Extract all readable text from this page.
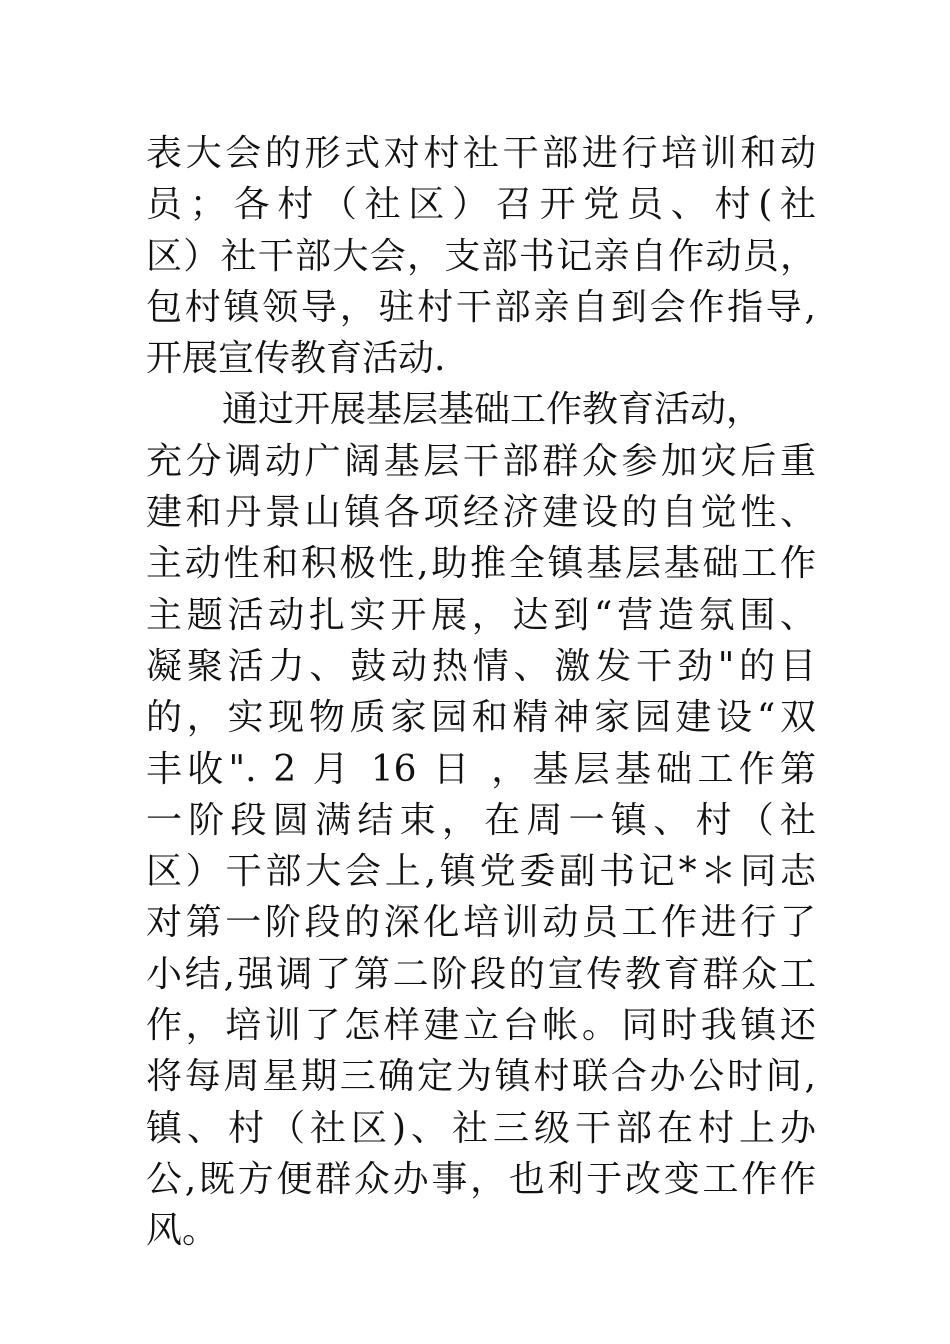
表大会的形式对村社干部进行培训和动
员；各村（社区）召开党员、村(社
区）社干部大会，支部书记亲自作动员，
包村镇领导，驻村干部亲自到会作指导,
开展宣传教育活动.
通过开展基层基础工作教育活动，
充分调动广阔基层干部群众参加灾后重
建和丹景山镇各项经济建设的自觉性、
主动性和积极性,助推全镇基层基础工作
主题活动扎实开展，达到“营造氛围、
凝聚活力、鼓动热情、激发干劲"的目
的，实现物质家园和精神家园建设“双
丰收". 2 月 16 日 ，基层基础工作第
一阶段圆满结束，在周一镇、村（社
区）干部大会上,镇党委副书记*＊同志
对第一阶段的深化培训动员工作进行了
小结,强调了第二阶段的宣传教育群众工
作，培训了怎样建立台帐。同时我镇还
将每周星期三确定为镇村联合办公时间,
镇、村（社区)、社三级干部在村上办
公,既方便群众办事，也利于改变工作作
风。
